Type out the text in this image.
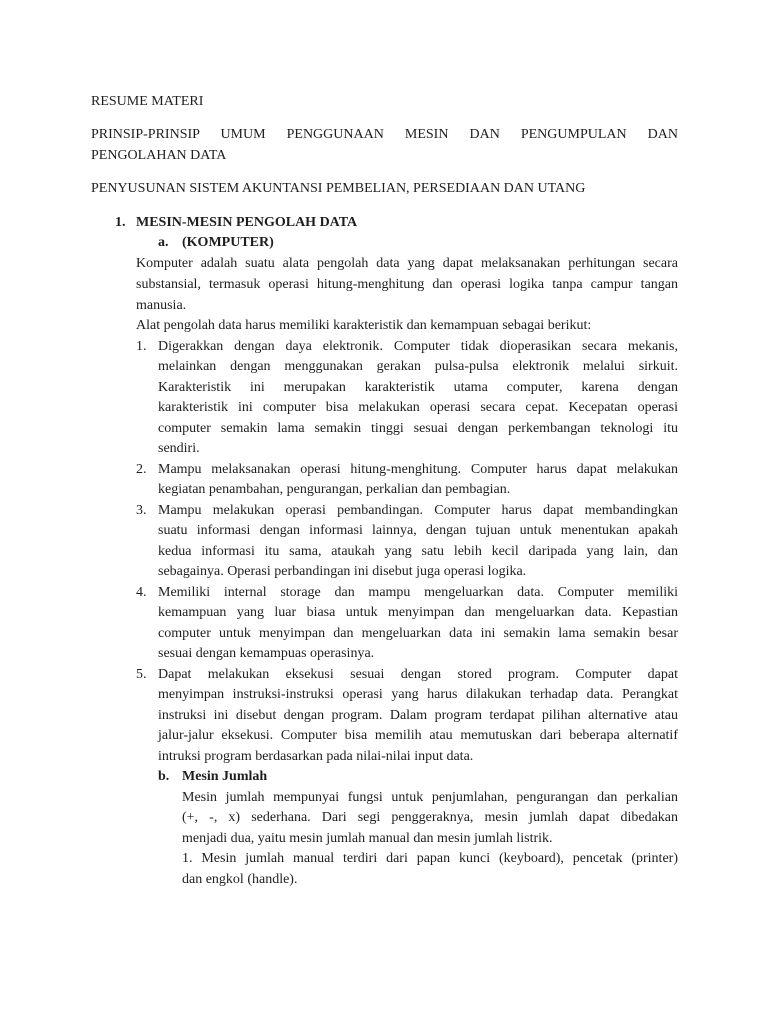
RESUME MATERI
PRINSIP-PRINSIP UMUM PENGGUNAAN MESIN DAN PENGUMPULAN DAN
PENGOLAHAN DATA
PENYUSUNAN SISTEM AKUNTANSI PEMBELIAN, PERSEDIAAN DAN UTANG
1. MESIN-MESIN PENGOLAH DATA
a. (KOMPUTER)
Komputer adalah suatu alata pengolah data yang dapat melaksanakan perhitungan secara
substansial, termasuk operasi hitung-menghitung dan operasi logika tanpa campur tangan
manusia.
Alat pengolah data harus memiliki karakteristik dan kemampuan sebagai berikut:
1. Digerakkan dengan daya elektronik. Computer tidak dioperasikan secara mekanis,
melainkan dengan menggunakan gerakan pulsa-pulsa elektronik melalui sirkuit.
Karakteristik ini merupakan karakteristik utama computer, karena dengan
karakteristik ini computer bisa melakukan operasi secara cepat. Kecepatan operasi
computer semakin lama semakin tinggi sesuai dengan perkembangan teknologi itu
sendiri.
2. Mampu melaksanakan operasi hitung-menghitung. Computer harus dapat melakukan
kegiatan penambahan, pengurangan, perkalian dan pembagian.
3. Mampu melakukan operasi pembandingan. Computer harus dapat membandingkan
suatu informasi dengan informasi lainnya, dengan tujuan untuk menentukan apakah
kedua informasi itu sama, ataukah yang satu lebih kecil daripada yang lain, dan
sebagainya. Operasi perbandingan ini disebut juga operasi logika.
4. Memiliki internal storage dan mampu mengeluarkan data. Computer memiliki
kemampuan yang luar biasa untuk menyimpan dan mengeluarkan data. Kepastian
computer untuk menyimpan dan mengeluarkan data ini semakin lama semakin besar
sesuai dengan kemampuas operasinya.
5. Dapat melakukan eksekusi sesuai dengan stored program. Computer dapat
menyimpan instruksi-instruksi operasi yang harus dilakukan terhadap data. Perangkat
instruksi ini disebut dengan program. Dalam program terdapat pilihan alternative atau
jalur-jalur eksekusi. Computer bisa memilih atau memutuskan dari beberapa alternatif
intruksi program berdasarkan pada nilai-nilai input data.
b. Mesin Jumlah
Mesin jumlah mempunyai fungsi untuk penjumlahan, pengurangan dan perkalian
(+, -, x) sederhana. Dari segi penggeraknya, mesin jumlah dapat dibedakan
menjadi dua, yaitu mesin jumlah manual dan mesin jumlah listrik.
1. Mesin jumlah manual terdiri dari papan kunci (keyboard), pencetak (printer)
dan engkol (handle).
